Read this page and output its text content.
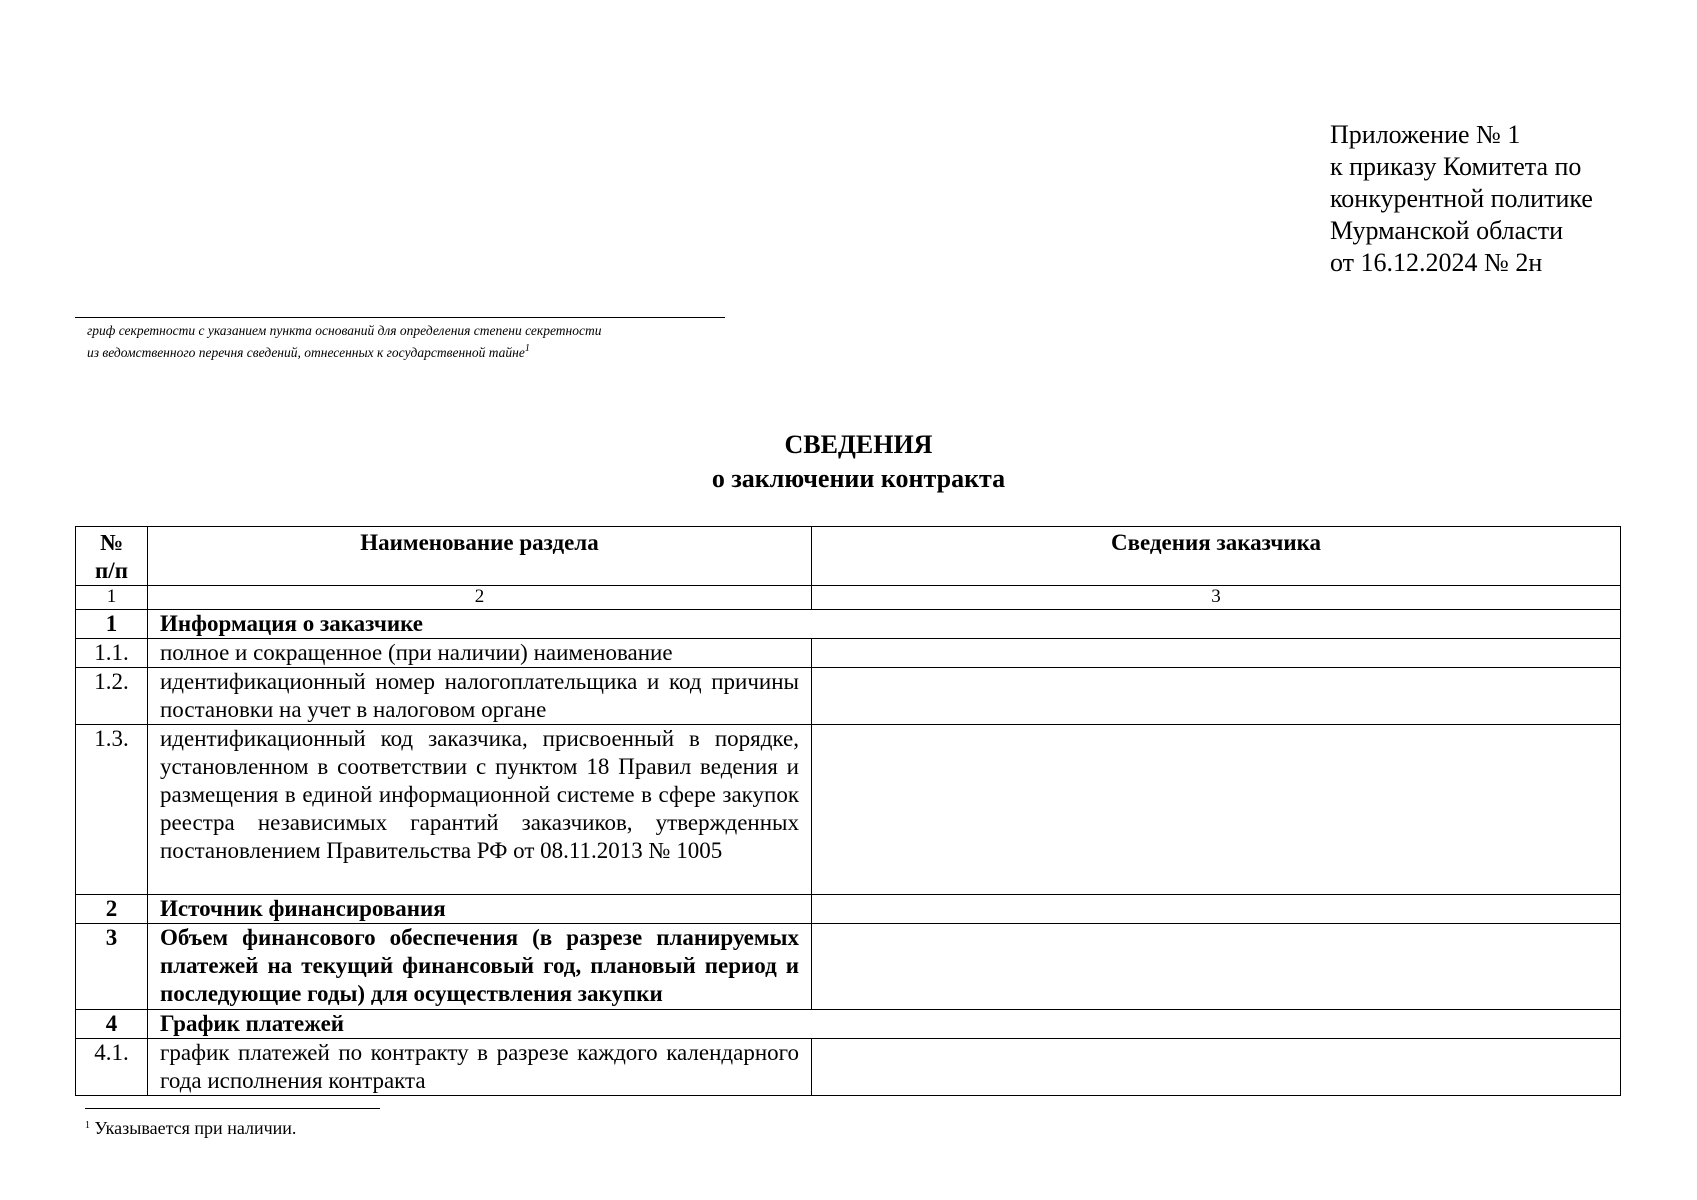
Приложение № 1
к приказу Комитета по
конкурентной политике
Мурманской области
от 16.12.2024 № 2н
гриф секретности с указанием пункта оснований для определения степени секретности
из ведомственного перечня сведений, отнесенных к государственной тайне$^1$
СВЕДЕНИЯ
о заключении контракта
№
п/п	Наименование раздела	Сведения заказчика
1	2	3
1	Информация о заказчике	
1.1.	полное и сокращенное (при наличии) наименование	
1.2.	идентификационный номер налогоплательщика и код причины постановки на учет в налоговом органе	
1.3.	идентификационный код заказчика, присвоенный в порядке, установленном в соответствии с пунктом 18 Правил ведения и размещения в единой информационной системе в сфере закупок реестра независимых гарантий заказчиков, утвержденных постановлением Правительства РФ от 08.11.2013 № 1005	
2	Источник финансирования	
3	Объем финансового обеспечения (в разрезе планируемых платежей на текущий финансовый год, плановый период и последующие годы) для осуществления закупки	
4	График платежей	
4.1.	график платежей по контракту в разрезе каждого календарного года исполнения контракта	
$^1$ Указывается при наличии.
